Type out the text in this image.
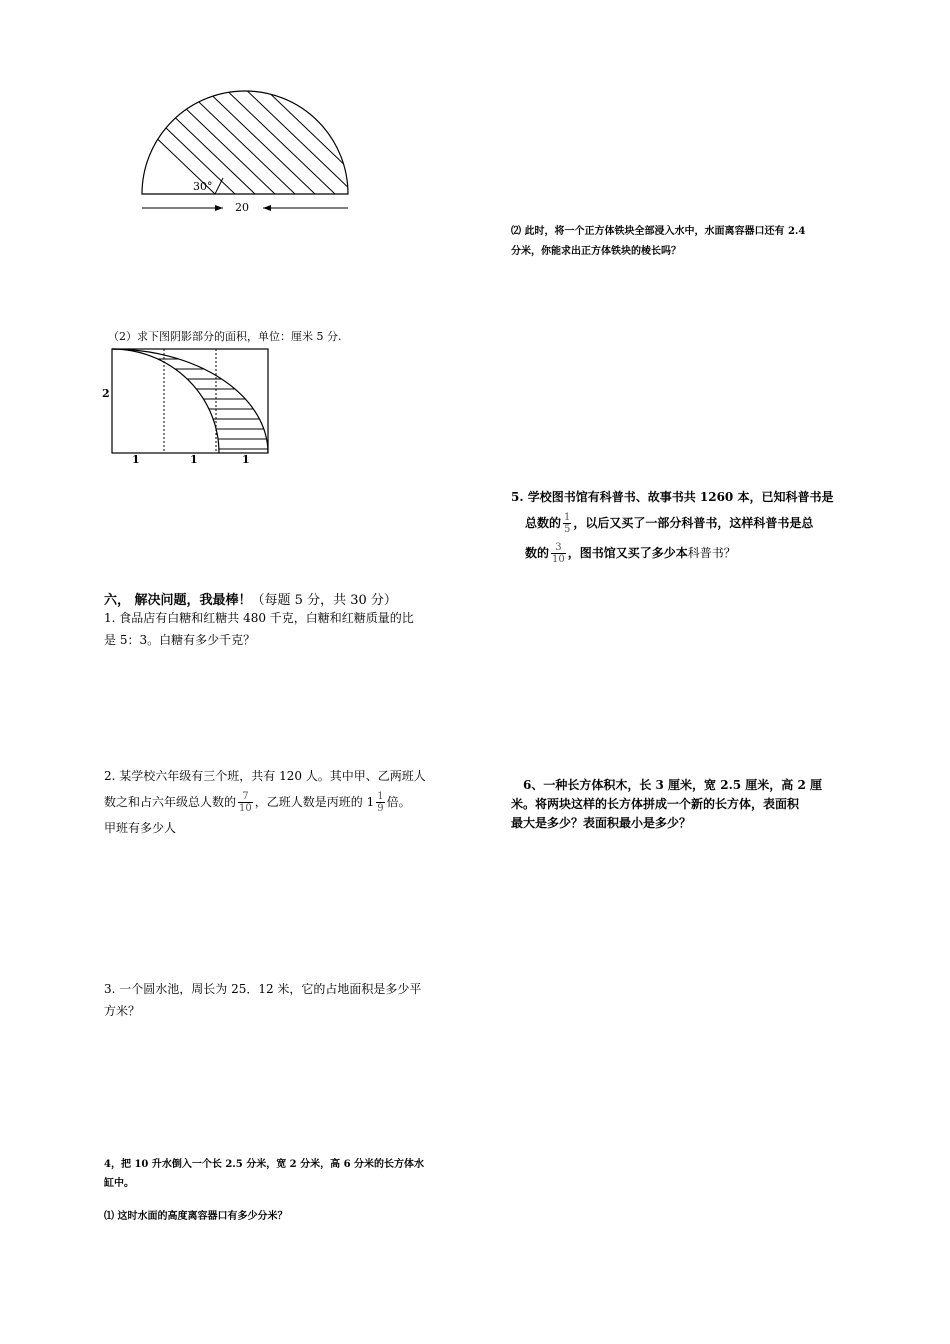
30°
20
（2）求下图阴影部分的面积，单位：厘米 5 分.
2
1	1	1
六， 解决问题，我最棒！（每题 5 分，共 30 分）
1. 食品店有白糖和红糖共 480 千克，白糖和红糖质量的比
是 5：3。白糖有多少千克？
2. 某学校六年级有三个班，共有 120 人。其中甲、乙两班人
数之和占六年级总人数的 $\frac{7}{10}$ ，乙班人数是丙班的 $1 \frac{1}{9}$ 倍。
甲班有多少人
3. 一个圆水池，周长为 25．12 米，它的占地面积是多少平
方米？
4，把 10 升水倒入一个长 2.5 分米，宽 2 分米，高 6 分米的长方体水
缸中。
⑴ 这时水面的高度离容器口有多少分米？
⑵ 此时，将一个正方体铁块全部浸入水中，水面离容器口还有 2.4
分米，你能求出正方体铁块的棱长吗？
5. 学校图书馆有科普书、故事书共 1260 本，已知科普书是
总数的 $\frac{1}{5}$ ，以后又买了一部分科普书，这样科普书是总
数的 $\frac{3}{10}$ ，图书馆又买了多少本科普书？
6、一种长方体积木，长 3 厘米，宽 2.5 厘米，高 2 厘
米。将两块这样的长方体拼成一个新的长方体，表面积
最大是多少？表面积最小是多少？
